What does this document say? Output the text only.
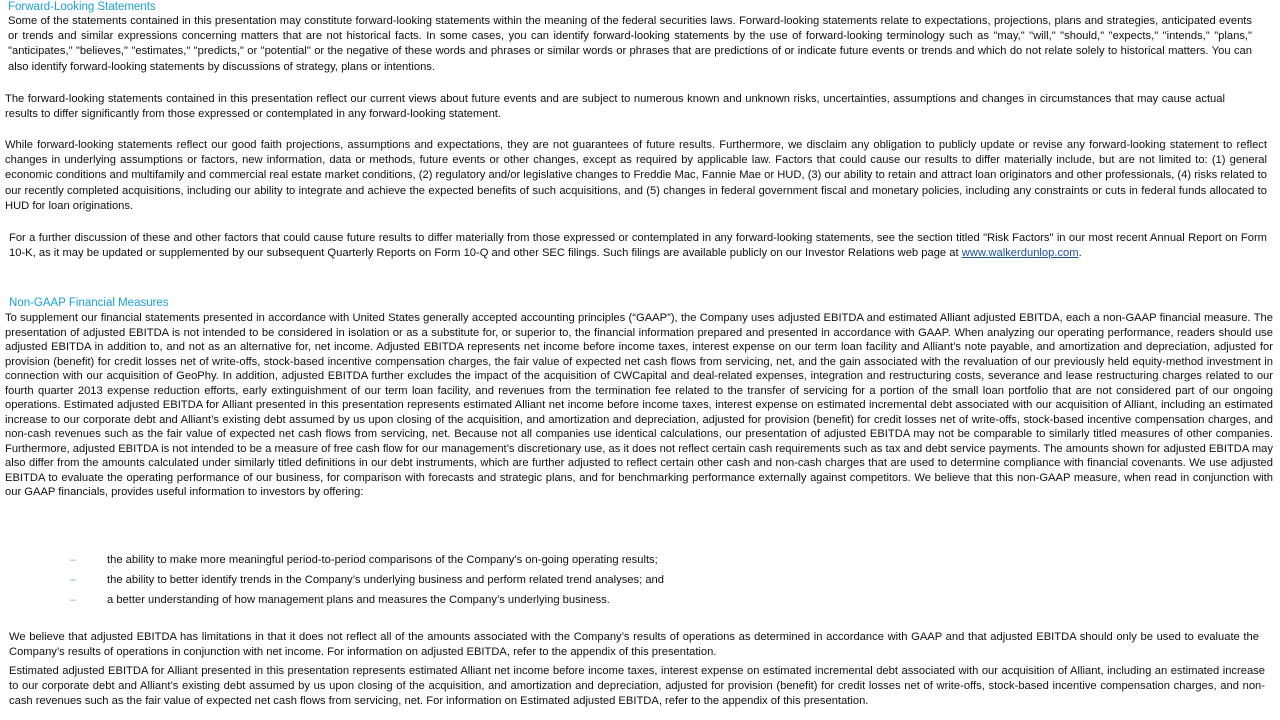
Forward-Looking Statements
Some of the statements contained in this presentation may constitute forward-looking statements within the meaning of the federal securities laws. Forward-looking statements relate to expectations, projections, plans and strategies, anticipated events or trends and similar expressions concerning matters that are not historical facts. In some cases, you can identify forward-looking statements by the use of forward-looking terminology such as "may," "will," "should," "expects," "intends," "plans," "anticipates," "believes," "estimates," "predicts," or "potential" or the negative of these words and phrases or similar words or phrases that are predictions of or indicate future events or trends and which do not relate solely to historical matters. You can also identify forward-looking statements by discussions of strategy, plans or intentions.
The forward-looking statements contained in this presentation reflect our current views about future events and are subject to numerous known and unknown risks, uncertainties, assumptions and changes in circumstances that may cause actual results to differ significantly from those expressed or contemplated in any forward-looking statement.
While forward-looking statements reflect our good faith projections, assumptions and expectations, they are not guarantees of future results. Furthermore, we disclaim any obligation to publicly update or revise any forward-looking statement to reflect changes in underlying assumptions or factors, new information, data or methods, future events or other changes, except as required by applicable law. Factors that could cause our results to differ materially include, but are not limited to: (1) general economic conditions and multifamily and commercial real estate market conditions, (2) regulatory and/or legislative changes to Freddie Mac, Fannie Mae or HUD, (3) our ability to retain and attract loan originators and other professionals, (4) risks related to our recently completed acquisitions, including our ability to integrate and achieve the expected benefits of such acquisitions, and (5) changes in federal government fiscal and monetary policies, including any constraints or cuts in federal funds allocated to HUD for loan originations.
For a further discussion of these and other factors that could cause future results to differ materially from those expressed or contemplated in any forward-looking statements, see the section titled "Risk Factors" in our most recent Annual Report on Form 10-K, as it may be updated or supplemented by our subsequent Quarterly Reports on Form 10-Q and other SEC filings. Such filings are available publicly on our Investor Relations web page at www.walkerdunlop.com.
Non-GAAP Financial Measures
To supplement our financial statements presented in accordance with United States generally accepted accounting principles (“GAAP”), the Company uses adjusted EBITDA and estimated Alliant adjusted EBITDA, each a non-GAAP financial measure. The presentation of adjusted EBITDA is not intended to be considered in isolation or as a substitute for, or superior to, the financial information prepared and presented in accordance with GAAP. When analyzing our operating performance, readers should use adjusted EBITDA in addition to, and not as an alternative for, net income. Adjusted EBITDA represents net income before income taxes, interest expense on our term loan facility and Alliant’s note payable, and amortization and depreciation, adjusted for provision (benefit) for credit losses net of write-offs, stock-based incentive compensation charges, the fair value of expected net cash flows from servicing, net, and the gain associated with the revaluation of our previously held equity-method investment in connection with our acquisition of GeoPhy. In addition, adjusted EBITDA further excludes the impact of the acquisition of CWCapital and deal-related expenses, integration and restructuring costs, severance and lease restructuring charges related to our fourth quarter 2013 expense reduction efforts, early extinguishment of our term loan facility, and revenues from the termination fee related to the transfer of servicing for a portion of the small loan portfolio that are not considered part of our ongoing operations. Estimated adjusted EBITDA for Alliant presented in this presentation represents estimated Alliant net income before income taxes, interest expense on estimated incremental debt associated with our acquisition of Alliant, including an estimated increase to our corporate debt and Alliant’s existing debt assumed by us upon closing of the acquisition, and amortization and depreciation, adjusted for provision (benefit) for credit losses net of write-offs, stock-based incentive compensation charges, and non-cash revenues such as the fair value of expected net cash flows from servicing, net. Because not all companies use identical calculations, our presentation of adjusted EBITDA may not be comparable to similarly titled measures of other companies. Furthermore, adjusted EBITDA is not intended to be a measure of free cash flow for our management’s discretionary use, as it does not reflect certain cash requirements such as tax and debt service payments. The amounts shown for adjusted EBITDA may also differ from the amounts calculated under similarly titled definitions in our debt instruments, which are further adjusted to reflect certain other cash and non-cash charges that are used to determine compliance with financial covenants. We use adjusted EBITDA to evaluate the operating performance of our business, for comparison with forecasts and strategic plans, and for benchmarking performance externally against competitors. We believe that this non-GAAP measure, when read in conjunction with our GAAP financials, provides useful information to investors by offering:
–	the ability to make more meaningful period-to-period comparisons of the Company’s on-going operating results;
–	the ability to better identify trends in the Company’s underlying business and perform related trend analyses; and
–	a better understanding of how management plans and measures the Company’s underlying business.
We believe that adjusted EBITDA has limitations in that it does not reflect all of the amounts associated with the Company’s results of operations as determined in accordance with GAAP and that adjusted EBITDA should only be used to evaluate the Company’s results of operations in conjunction with net income. For information on adjusted EBITDA, refer to the appendix of this presentation.
Estimated adjusted EBITDA for Alliant presented in this presentation represents estimated Alliant net income before income taxes, interest expense on estimated incremental debt associated with our acquisition of Alliant, including an estimated increase to our corporate debt and Alliant’s existing debt assumed by us upon closing of the acquisition, and amortization and depreciation, adjusted for provision (benefit) for credit losses net of write-offs, stock-based incentive compensation charges, and non-cash revenues such as the fair value of expected net cash flows from servicing, net. For information on Estimated adjusted EBITDA, refer to the appendix of this presentation.
